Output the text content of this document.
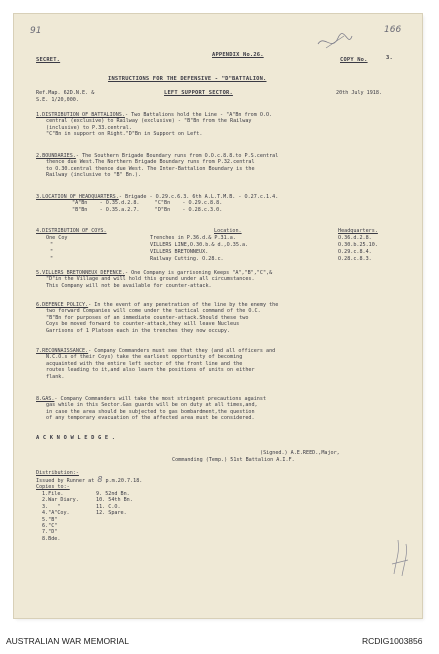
91	166
SECRET.
APPENDIX No.26.
COPY No.	3.
INSTRUCTIONS FOR THE DEFENSIVE - "D"BATTALION.
Ref.Map. 62D.N.E. &
S.E. 1/20,000.
LEFT SUPPORT SECTOR.	20th July 1918.
1.DISTRIBUTION OF BATTALIONS.- Two Battalions hold the Line - "A"Bn from O.O.
central (exclusive) to Railway (exclusive) - "B"Bn from the Railway
(inclusive) to P.33.central.
"C"Bn in support on Right."D"Bn in Support on Left.
2.BOUNDARIES.- The Southern Brigade Boundary runs from O.O.c.8.8.to P.S.central
thence due West.The Northern Brigade Boundary runs from P.32.central
to O.30.central thence due West. The Inter-Battalion Boundary is the
Railway (inclusive to "B" Bn.).
3.LOCATION OF HEADQUARTERS.- Brigade - O.29.c.6.3. 6th A.L.T.M.B. - O.27.c.1.4.
"A"Bn    - O.35.d.2.8.     "C"Bn    - O.29.c.8.8.
"B"Bn    - O.35.a.2.7.     "D"Bn    - O.28.c.3.0.
4.DISTRIBUTION OF COYS.	Location.	Headquarters.
One Coy	Trenches in P.36.d.& P.31.a.	O.36.d.2.8.
"	VILLERS LINE,O.30.b.& d.,O.35.a.	O.30.b.25.10.
"	VILLERS BRETONNEUX.	O.29.c.8.4.
"	Railway Cutting. O.28.c.	O.28.c.8.3.
5.VILLERS BRETONNEUX DEFENCE.- One Company is garrisoning Keeps "A","B","C",&
"D"in the Village and will hold this ground under all circumstances.
This Company will not be available for counter-attack.
6.DEFENCE POLICY.- In the event of any penetration of the line by the enemy the
two forward Companies will come under the tactical command of the O.C.
"B"Bn for purposes of an immediate counter-attack.Should these two
Coys be moved forward to counter-attack,they will leave Nucleus
Garrisons of 1 Platoon each in the trenches they now occupy.
7.RECONNAISSANCE.- Company Commanders must see that they (and all officers and
N.C.O.s of their Coys) take the earliest opportunity of becoming
acquainted with the entire left sector of the front line and the
routes leading to it,and also learn the positions of units on either
flank.
8.GAS.- Company Commanders will take the most stringent precautions against
gas while in this Sector.Gas guards will be on duty at all times,and,
in case the area should be subjected to gas bombardment,the question
of any temporary evacuation of the affected area must be considered.
A C K N O W L E D G E .
(Signed.) A.E.REED.,Major,
Commanding (Temp.) 51st Battalion A.I.F.
Distribution:-
Issued by Runner at 8 p.m.20.7.18.
Copies to:-
1.File.
2.War Diary.
3.   "
4."A"Coy.
5."B"
6."C"
7."D"
8.Bde.
9. 52nd Bn.
10. 54th Bn.
11. C.O.
12. Spare.
AUSTRALIAN WAR MEMORIAL	RCDIG1003856
